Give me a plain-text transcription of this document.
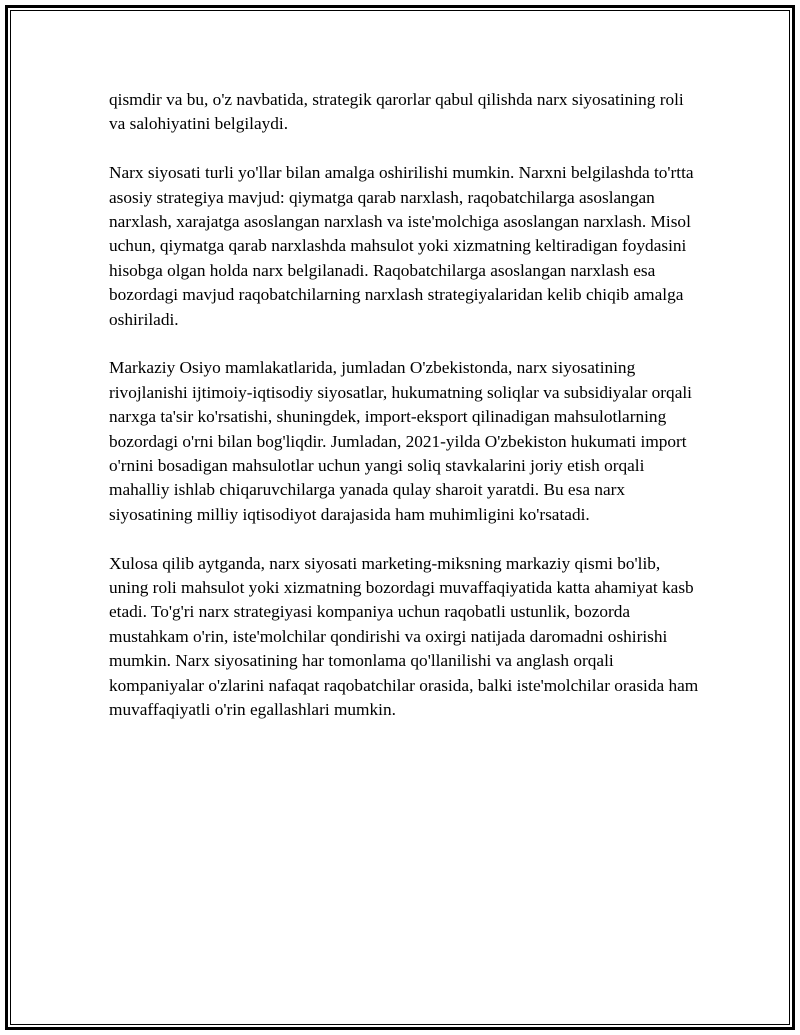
qismdir va bu, o'z navbatida, strategik qarorlar qabul qilishda narx siyosatining roli va salohiyatini belgilaydi.

Narx siyosati turli yo'llar bilan amalga oshirilishi mumkin. Narxni belgilashda to'rtta asosiy strategiya mavjud: qiymatga qarab narxlash, raqobatchilarga asoslangan narxlash, xarajatga asoslangan narxlash va iste'molchiga asoslangan narxlash. Misol uchun, qiymatga qarab narxlashda mahsulot yoki xizmatning keltiradigan foydasini hisobga olgan holda narx belgilanadi. Raqobatchilarga asoslangan narxlash esa bozordagi mavjud raqobatchilarning narxlash strategiyalaridan kelib chiqib amalga oshiriladi.

Markaziy Osiyo mamlakatlarida, jumladan O'zbekistonda, narx siyosatining rivojlanishi ijtimoiy-iqtisodiy siyosatlar, hukumatning soliqlar va subsidiyalar orqali narxga ta'sir ko'rsatishi, shuningdek, import-eksport qilinadigan mahsulotlarning bozordagi o'rni bilan bog'liqdir. Jumladan, 2021-yilda O'zbekiston hukumati import o'rnini bosadigan mahsulotlar uchun yangi soliq stavkalarini joriy etish orqali mahalliy ishlab chiqaruvchilarga yanada qulay sharoit yaratdi. Bu esa narx siyosatining milliy iqtisodiyot darajasida ham muhimligini ko'rsatadi.

Xulosa qilib aytganda, narx siyosati marketing-miksning markaziy qismi bo'lib, uning roli mahsulot yoki xizmatning bozordagi muvaffaqiyatida katta ahamiyat kasb etadi. To'g'ri narx strategiyasi kompaniya uchun raqobatli ustunlik, bozorda mustahkam o'rin, iste'molchilar qondirishi va oxirgi natijada daromadni oshirishi mumkin. Narx siyosatining har tomonlama qo'llanilishi va anglash orqali kompaniyalar o'zlarini nafaqat raqobatchilar orasida, balki iste'molchilar orasida ham muvaffaqiyatli o'rin egallashlari mumkin.
